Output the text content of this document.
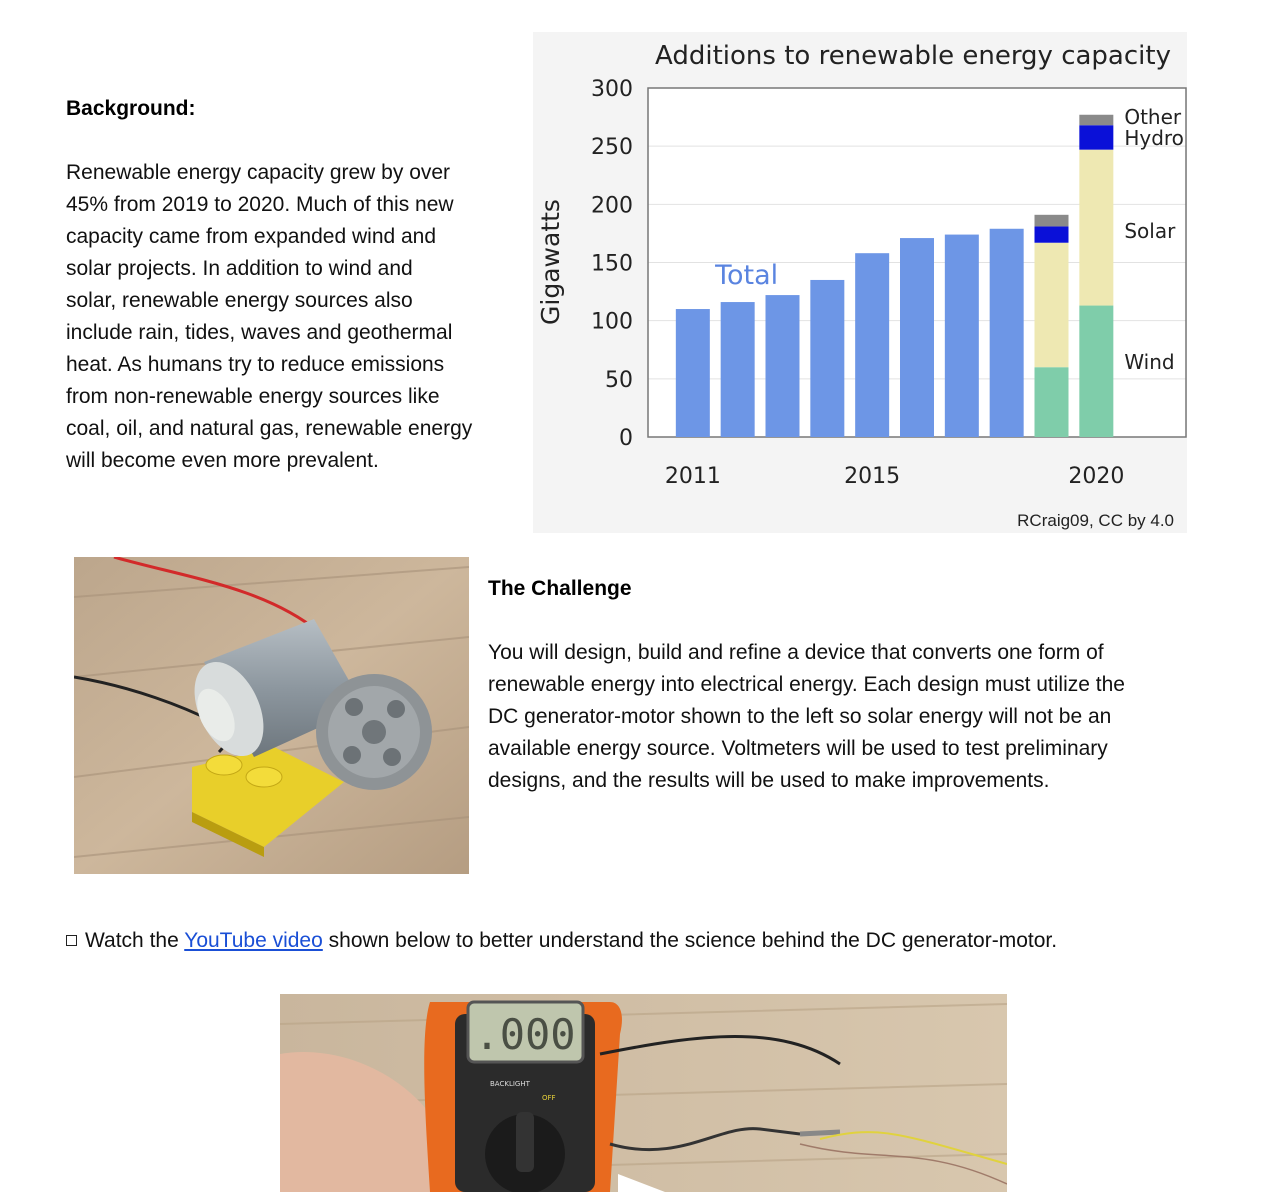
Background:
Renewable energy capacity grew by over
45% from 2019 to 2020. Much of this new
capacity came from expanded wind and
solar projects. In addition to wind and
solar, renewable energy sources also
include rain, tides, waves and geothermal
heat. As humans try to reduce emissions
from non-renewable energy sources like
coal, oil, and natural gas, renewable energy
will become even more prevalent.
0
50
100
150
200
250
300
Additions to renewable energy capacity
Gigawatts	Total
Other
Hydro
Solar
Wind
2011	2015	2020
RCraig09, CC by 4.0
The Challenge
You will design, build and refine a device that converts one form of
renewable energy into electrical energy. Each design must utilize the
DC generator-motor shown to the left so solar energy will not be an
available energy source. Voltmeters will be used to test preliminary
designs, and the results will be used to make improvements.
Watch the YouTube video shown below to better understand the science behind the DC generator-motor.
.000
BACKLIGHT
OFF
